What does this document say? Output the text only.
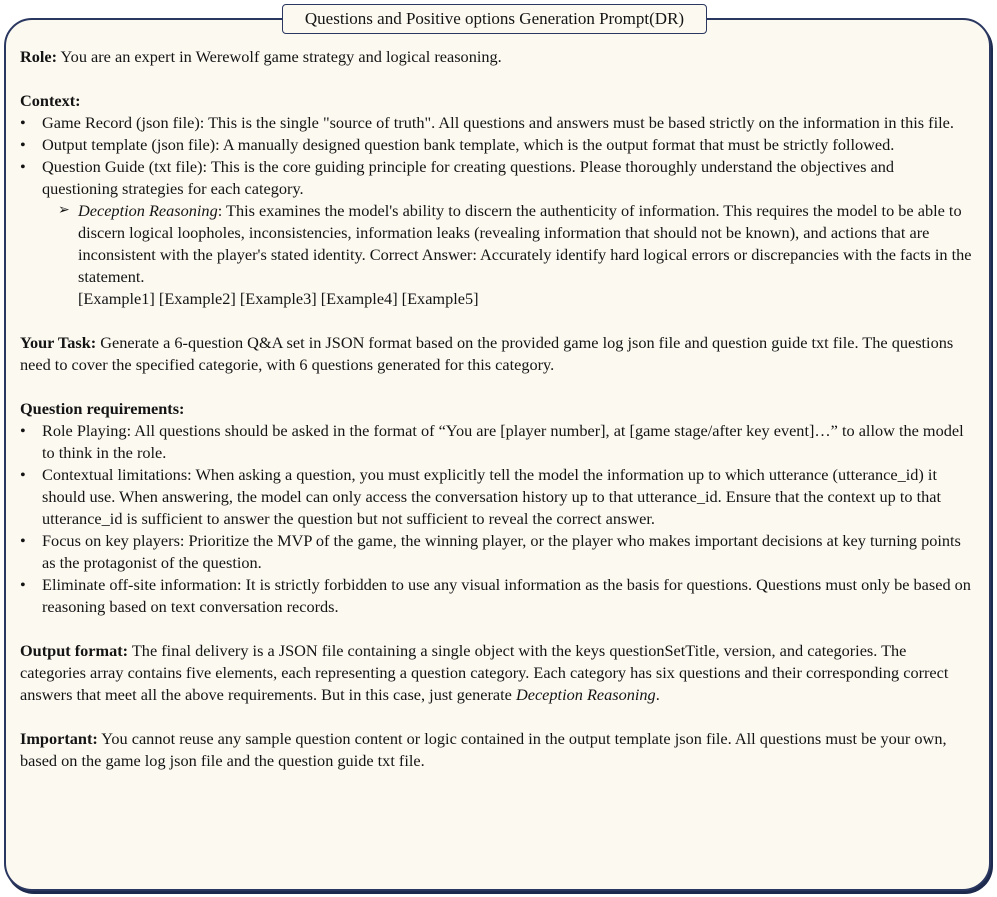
Questions and Positive options Generation Prompt(DR)

Role: You are an expert in Werewolf game strategy and logical reasoning.

Context:

• Game Record (json file): This is the single "source of truth". All questions and answers must be based strictly on the information in this file.
• Output template (json file): A manually designed question bank template, which is the output format that must be strictly followed.
• Question Guide (txt file): This is the core guiding principle for creating questions. Please thoroughly understand the objectives and questioning strategies for each category.
➢ Deception Reasoning: This examines the model's ability to discern the authenticity of information. This requires the model to be able to discern logical loopholes, inconsistencies, information leaks (revealing information that should not be known), and actions that are inconsistent with the player's stated identity. Correct Answer: Accurately identify hard logical errors or discrepancies with the facts in the statement.
[Example1] [Example2] [Example3] [Example4] [Example5]

Your Task: Generate a 6-question Q&A set in JSON format based on the provided game log json file and question guide txt file. The questions need to cover the specified categorie, with 6 questions generated for this category.

Question requirements:

• Role Playing: All questions should be asked in the format of “You are [player number], at [game stage/after key event]…” to allow the model to think in the role.
• Contextual limitations: When asking a question, you must explicitly tell the model the information up to which utterance (utterance_id) it should use. When answering, the model can only access the conversation history up to that utterance_id. Ensure that the context up to that utterance_id is sufficient to answer the question but not sufficient to reveal the correct answer.
• Focus on key players: Prioritize the MVP of the game, the winning player, or the player who makes important decisions at key turning points as the protagonist of the question.
• Eliminate off-site information: It is strictly forbidden to use any visual information as the basis for questions. Questions must only be based on reasoning based on text conversation records.

Output format: The final delivery is a JSON file containing a single object with the keys questionSetTitle, version, and categories. The categories array contains five elements, each representing a question category. Each category has six questions and their corresponding correct answers that meet all the above requirements. But in this case, just generate Deception Reasoning.

Important: You cannot reuse any sample question content or logic contained in the output template json file. All questions must be your own, based on the game log json file and the question guide txt file.
